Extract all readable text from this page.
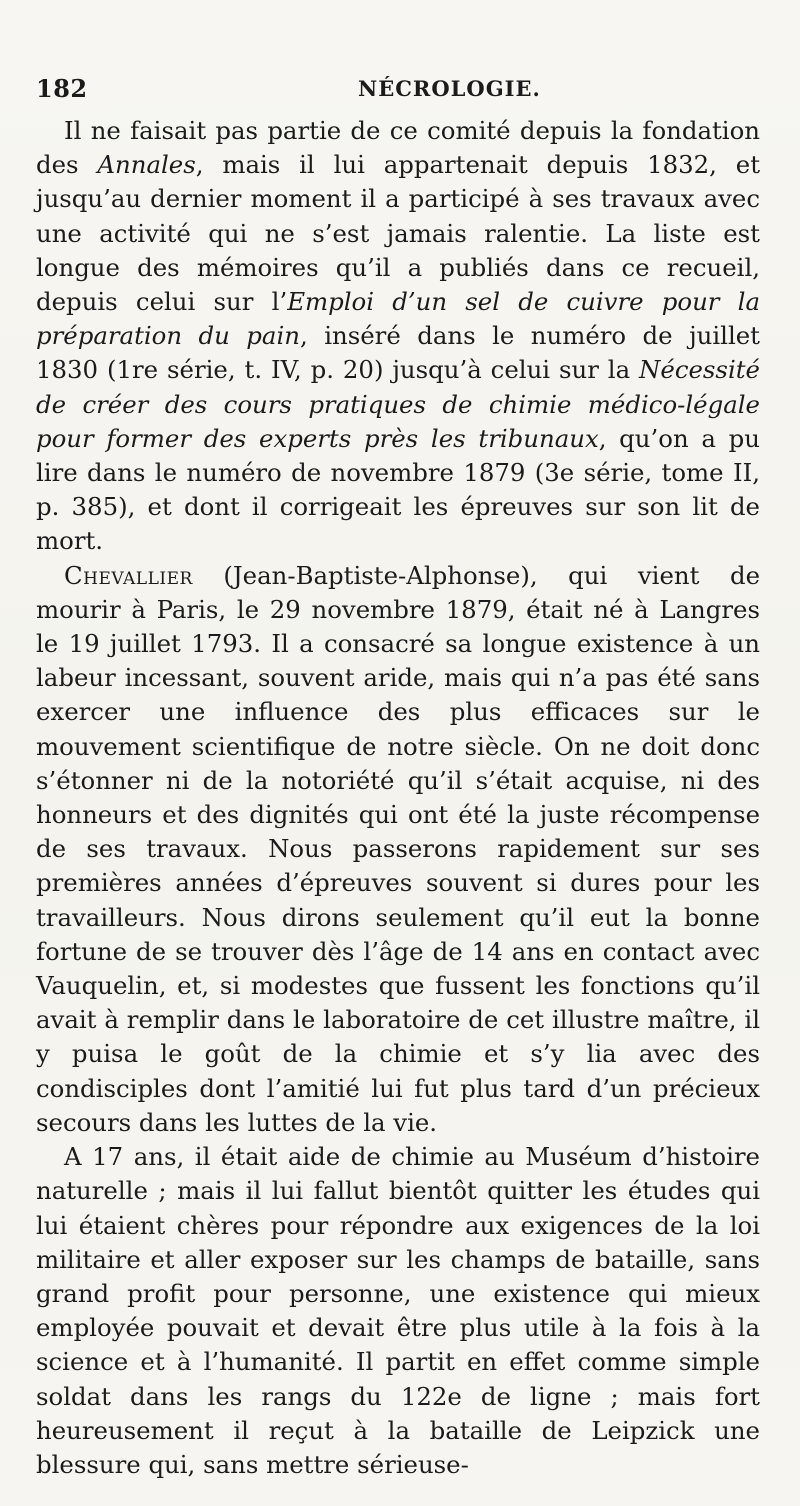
182	NÉCROLOGIE.

Il ne faisait pas partie de ce comité depuis la fondation des Annales, mais il lui appartenait depuis 1832, et jusqu’au dernier moment il a participé à ses travaux avec une activité qui ne s’est jamais ralentie. La liste est longue des mémoires qu’il a publiés dans ce recueil, depuis celui sur l’Emploi d’un sel de cuivre pour la préparation du pain, inséré dans le numéro de juillet 1830 (1re série, t. IV, p. 20) jusqu’à celui sur la Nécessité de créer des cours pratiques de chimie médico-légale pour former des experts près les tribunaux, qu’on a pu lire dans le numéro de novembre 1879 (3e série, tome II, p. 385), et dont il corrigeait les épreuves sur son lit de mort.

Chevallier (Jean-Baptiste-Alphonse), qui vient de mourir à Paris, le 29 novembre 1879, était né à Langres le 19 juillet 1793. Il a consacré sa longue existence à un labeur incessant, souvent aride, mais qui n’a pas été sans exercer une influence des plus efficaces sur le mouvement scientifique de notre siècle. On ne doit donc s’étonner ni de la notoriété qu’il s’était acquise, ni des honneurs et des dignités qui ont été la juste récompense de ses travaux. Nous passerons rapidement sur ses premières années d’épreuves souvent si dures pour les travailleurs. Nous dirons seulement qu’il eut la bonne fortune de se trouver dès l’âge de 14 ans en contact avec Vauquelin, et, si modestes que fussent les fonctions qu’il avait à remplir dans le laboratoire de cet illustre maître, il y puisa le goût de la chimie et s’y lia avec des condisciples dont l’amitié lui fut plus tard d’un précieux secours dans les luttes de la vie.

A 17 ans, il était aide de chimie au Muséum d’histoire naturelle ; mais il lui fallut bientôt quitter les études qui lui étaient chères pour répondre aux exigences de la loi militaire et aller exposer sur les champs de bataille, sans grand profit pour personne, une existence qui mieux employée pouvait et devait être plus utile à la fois à la science et à l’humanité. Il partit en effet comme simple soldat dans les rangs du 122e de ligne ; mais fort heureusement il reçut à la bataille de Leipzick une blessure qui, sans mettre sérieuse-
